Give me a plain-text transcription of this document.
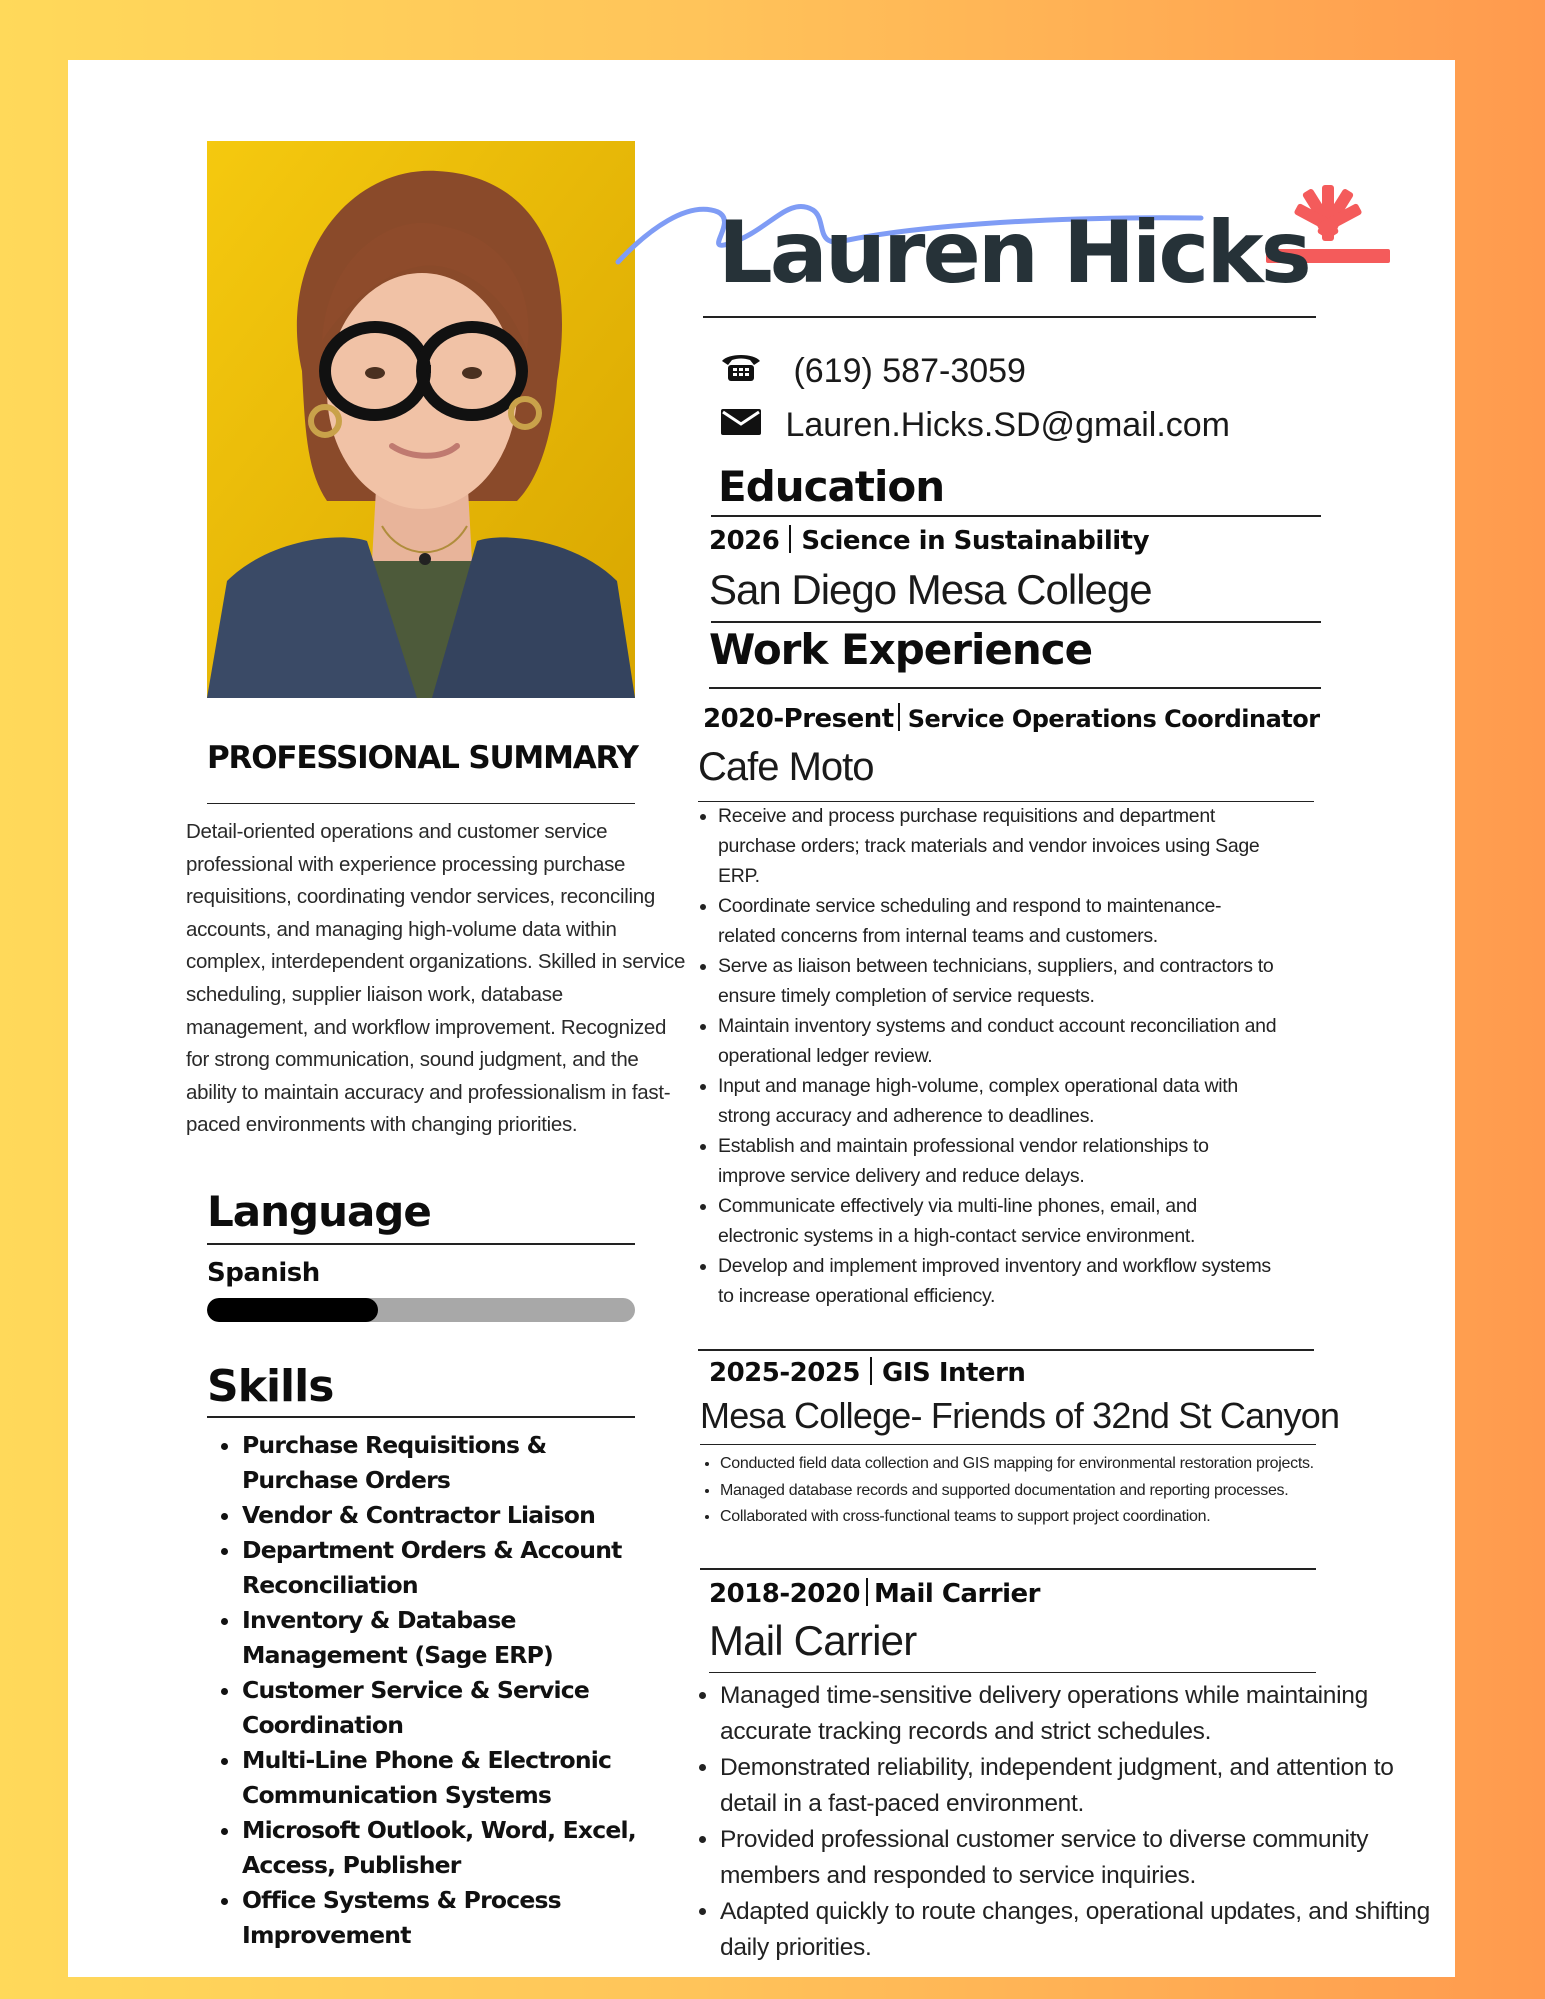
Lauren Hicks
(619) 587-3059
Lauren.Hicks.SD@gmail.com
Education
2026 Science in Sustainability
San Diego Mesa College
Work Experience
2020-Present Service Operations Coordinator
Cafe Moto
• Receive and process purchase requisitions and department purchase orders; track materials and vendor invoices using Sage ERP.
• Coordinate service scheduling and respond to maintenance-related concerns from internal teams and customers.
• Serve as liaison between technicians, suppliers, and contractors to ensure timely completion of service requests.
• Maintain inventory systems and conduct account reconciliation and operational ledger review.
• Input and manage high-volume, complex operational data with strong accuracy and adherence to deadlines.
• Establish and maintain professional vendor relationships to improve service delivery and reduce delays.
• Communicate effectively via multi-line phones, email, and electronic systems in a high-contact service environment.
• Develop and implement improved inventory and workflow systems to increase operational efficiency.
2025-2025 GIS Intern
Mesa College- Friends of 32nd St Canyon
• Conducted field data collection and GIS mapping for environmental restoration projects.
• Managed database records and supported documentation and reporting processes.
• Collaborated with cross-functional teams to support project coordination.
2018-2020 Mail Carrier
Mail Carrier
• Managed time-sensitive delivery operations while maintaining accurate tracking records and strict schedules.
• Demonstrated reliability, independent judgment, and attention to detail in a fast-paced environment.
• Provided professional customer service to diverse community members and responded to service inquiries.
• Adapted quickly to route changes, operational updates, and shifting daily priorities.
PROFESSIONAL SUMMARY
Detail-oriented operations and customer service professional with experience processing purchase requisitions, coordinating vendor services, reconciling accounts, and managing high-volume data within complex, interdependent organizations. Skilled in service scheduling, supplier liaison work, database management, and workflow improvement. Recognized for strong communication, sound judgment, and the ability to maintain accuracy and professionalism in fast-paced environments with changing priorities.
Language
Spanish
Skills
• Purchase Requisitions & Purchase Orders
• Vendor & Contractor Liaison
• Department Orders & Account Reconciliation
• Inventory & Database Management (Sage ERP)
• Customer Service & Service Coordination
• Multi-Line Phone & Electronic Communication Systems
• Microsoft Outlook, Word, Excel, Access, Publisher
• Office Systems & Process Improvement
